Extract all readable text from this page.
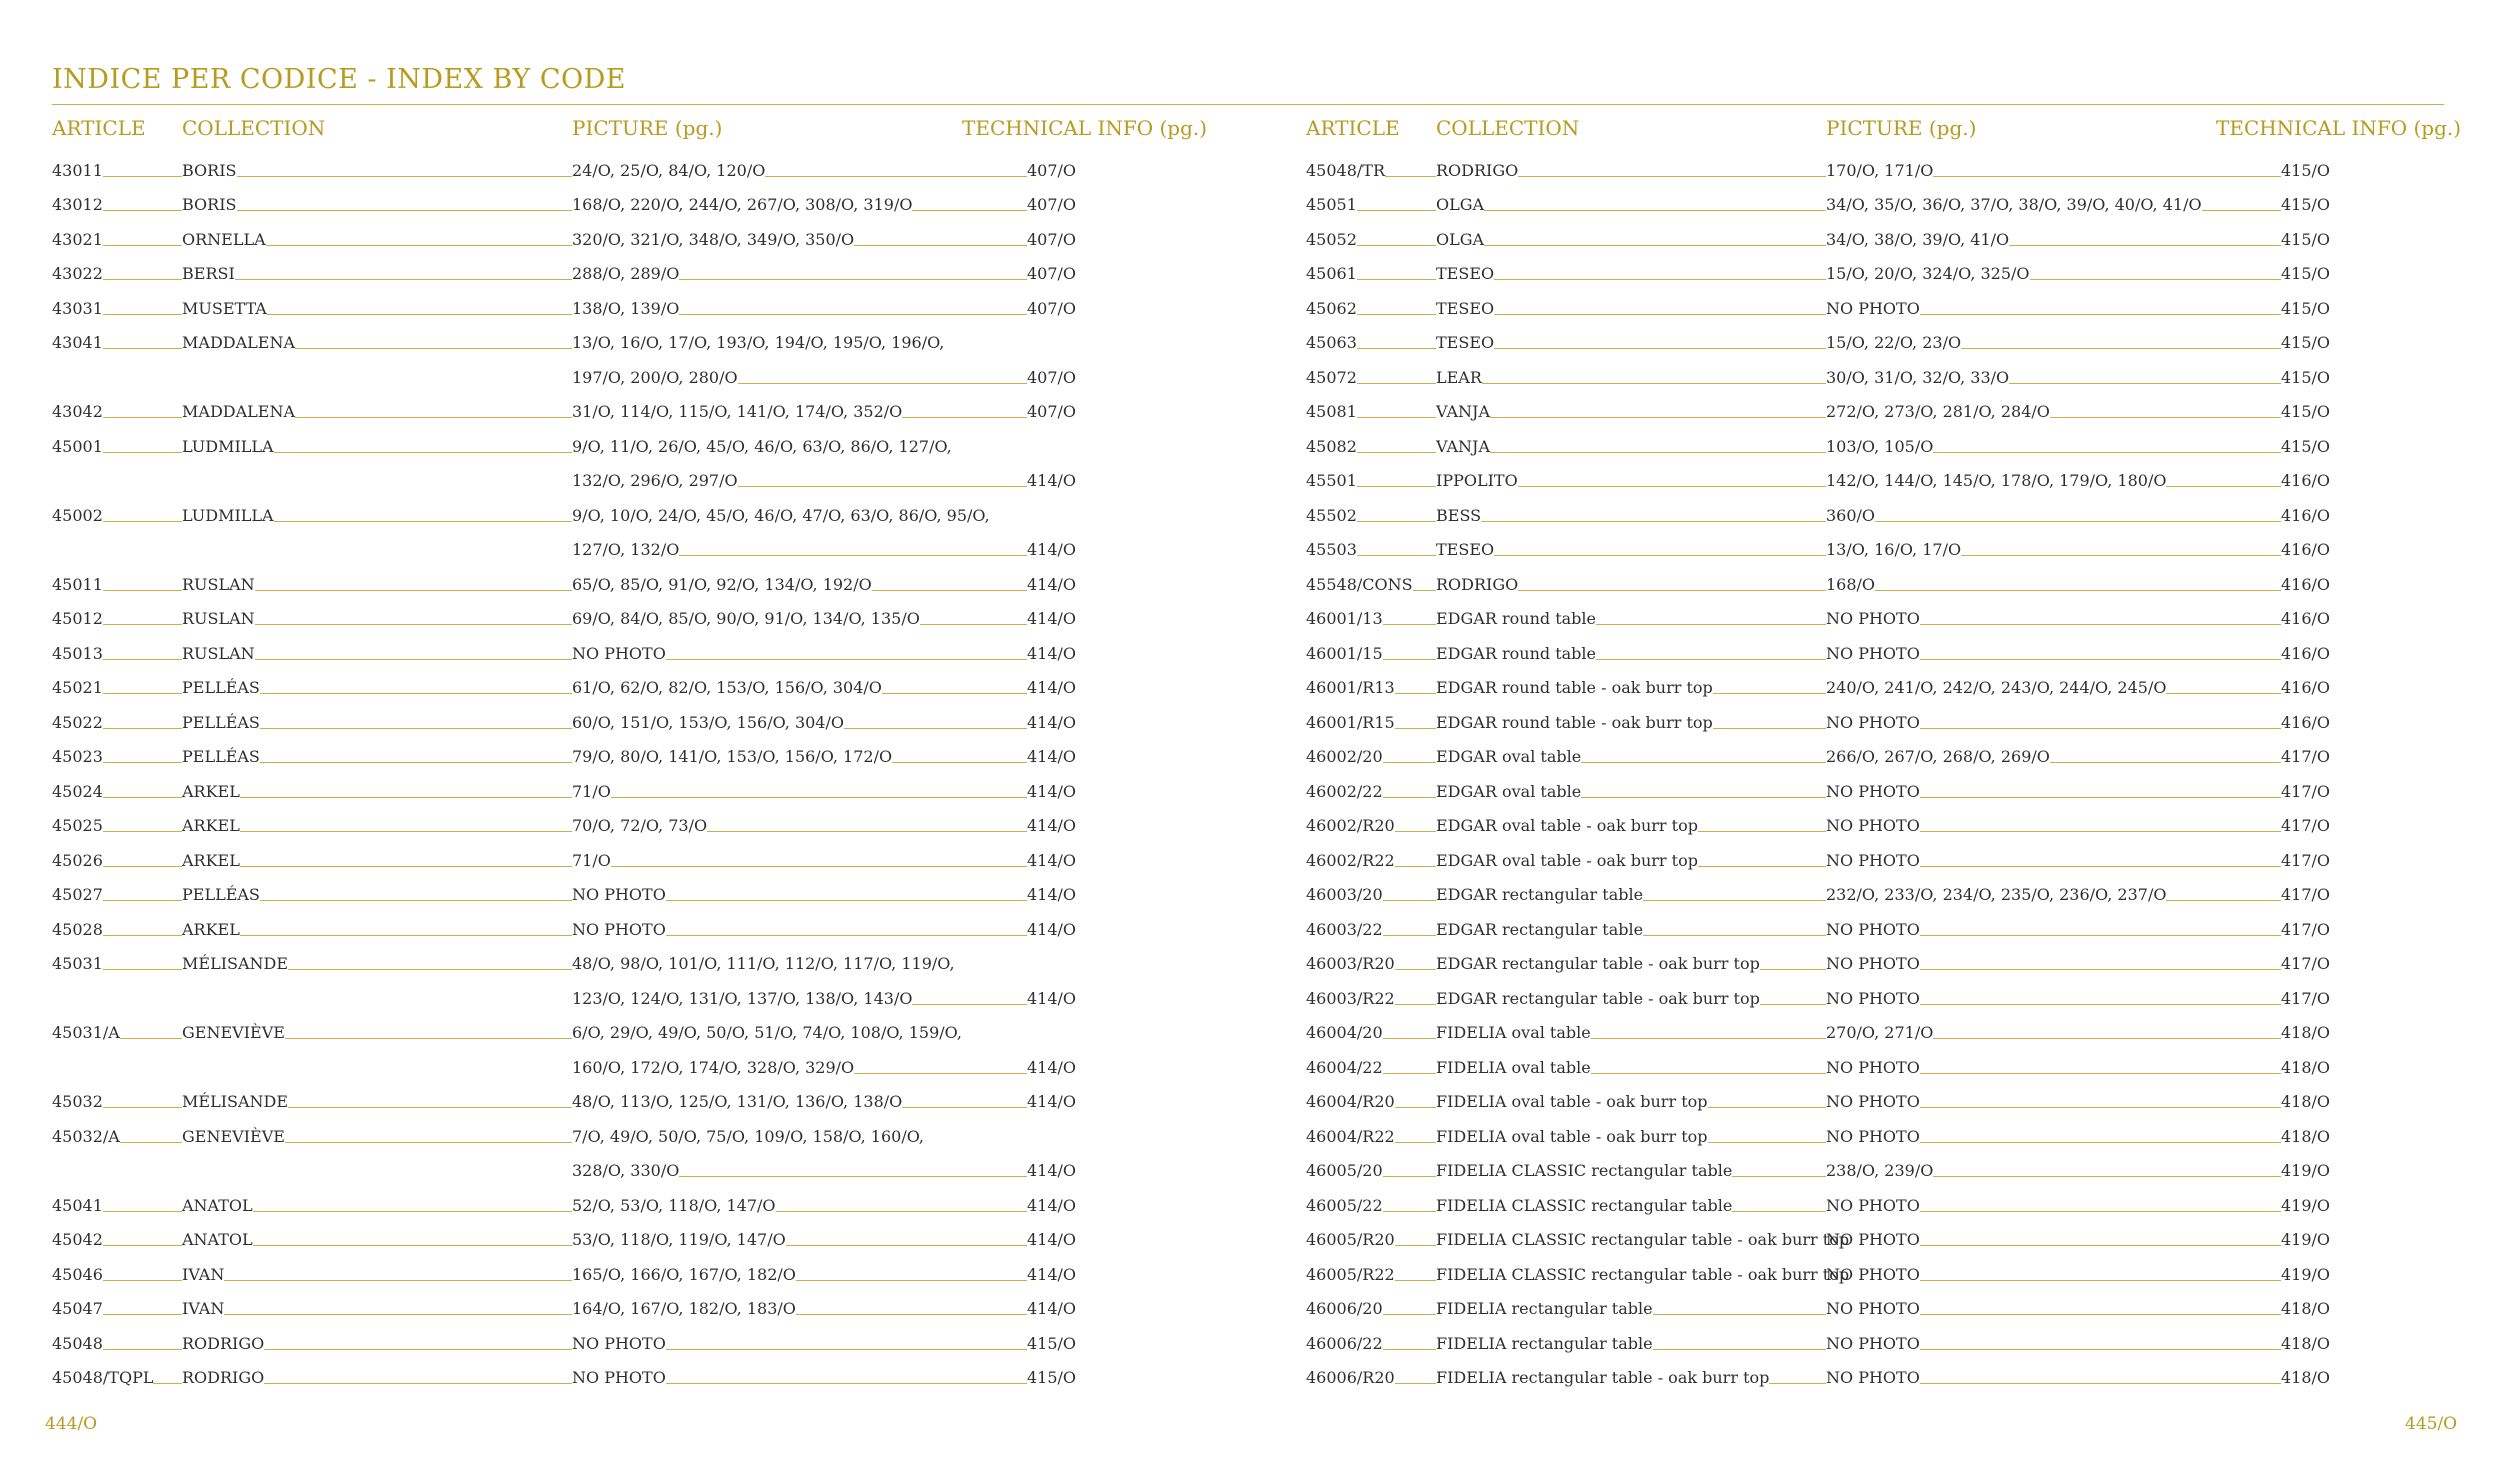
INDICE PER CODICE - INDEX BY CODE
ARTICLE COLLECTION	PICTURE (pg.)	TECHNICAL INFO (pg.)
43011	BORIS	24/O, 25/O, 84/O, 120/O	407/O
43012	BORIS	168/O, 220/O, 244/O, 267/O, 308/O, 319/O	407/O
43021	ORNELLA	320/O, 321/O, 348/O, 349/O, 350/O	407/O
43022	BERSI	288/O, 289/O	407/O
43031	MUSETTA	138/O, 139/O	407/O
43041	MADDALENA	13/O, 16/O, 17/O, 193/O, 194/O, 195/O, 196/O,
197/O, 200/O, 280/O	407/O
43042	MADDALENA	31/O, 114/O, 115/O, 141/O, 174/O, 352/O	407/O
45001	LUDMILLA	9/O, 11/O, 26/O, 45/O, 46/O, 63/O, 86/O, 127/O,
132/O, 296/O, 297/O	414/O
45002	LUDMILLA	9/O, 10/O, 24/O, 45/O, 46/O, 47/O, 63/O, 86/O, 95/O,
127/O, 132/O	414/O
45011	RUSLAN	65/O, 85/O, 91/O, 92/O, 134/O, 192/O	414/O
45012	RUSLAN	69/O, 84/O, 85/O, 90/O, 91/O, 134/O, 135/O	414/O
45013	RUSLAN	NO PHOTO	414/O
45021	PELLÉAS	61/O, 62/O, 82/O, 153/O, 156/O, 304/O	414/O
45022	PELLÉAS	60/O, 151/O, 153/O, 156/O, 304/O	414/O
45023	PELLÉAS	79/O, 80/O, 141/O, 153/O, 156/O, 172/O	414/O
45024	ARKEL	71/O	414/O
45025	ARKEL	70/O, 72/O, 73/O	414/O
45026	ARKEL	71/O	414/O
45027	PELLÉAS	NO PHOTO	414/O
45028	ARKEL	NO PHOTO	414/O
45031	MÉLISANDE	48/O, 98/O, 101/O, 111/O, 112/O, 117/O, 119/O,
123/O, 124/O, 131/O, 137/O, 138/O, 143/O	414/O
45031/A	GENEVIÈVE	6/O, 29/O, 49/O, 50/O, 51/O, 74/O, 108/O, 159/O,
160/O, 172/O, 174/O, 328/O, 329/O	414/O
45032	MÉLISANDE	48/O, 113/O, 125/O, 131/O, 136/O, 138/O	414/O
45032/A	GENEVIÈVE	7/O, 49/O, 50/O, 75/O, 109/O, 158/O, 160/O,
328/O, 330/O	414/O
45041	ANATOL	52/O, 53/O, 118/O, 147/O	414/O
45042	ANATOL	53/O, 118/O, 119/O, 147/O	414/O
45046	IVAN	165/O, 166/O, 167/O, 182/O	414/O
45047	IVAN	164/O, 167/O, 182/O, 183/O	414/O
45048	RODRIGO	NO PHOTO	415/O
45048/TQPL RODRIGO	NO PHOTO	415/O
ARTICLE COLLECTION	PICTURE (pg.)	TECHNICAL INFO (pg.)
45048/TR	RODRIGO	170/O, 171/O	415/O
45051	OLGA	34/O, 35/O, 36/O, 37/O, 38/O, 39/O, 40/O, 41/O	415/O
45052	OLGA	34/O, 38/O, 39/O, 41/O	415/O
45061	TESEO	15/O, 20/O, 324/O, 325/O	415/O
45062	TESEO	NO PHOTO	415/O
45063	TESEO	15/O, 22/O, 23/O	415/O
45072	LEAR	30/O, 31/O, 32/O, 33/O	415/O
45081	VANJA	272/O, 273/O, 281/O, 284/O	415/O
45082	VANJA	103/O, 105/O	415/O
45501	IPPOLITO	142/O, 144/O, 145/O, 178/O, 179/O, 180/O	416/O
45502	BESS	360/O	416/O
45503	TESEO	13/O, 16/O, 17/O	416/O
45548/CONS RODRIGO	168/O	416/O
46001/13	EDGAR round table	NO PHOTO	416/O
46001/15	EDGAR round table	NO PHOTO	416/O
46001/R13	EDGAR round table - oak burr top	240/O, 241/O, 242/O, 243/O, 244/O, 245/O	416/O
46001/R15	EDGAR round table - oak burr top	NO PHOTO	416/O
46002/20	EDGAR oval table	266/O, 267/O, 268/O, 269/O	417/O
46002/22	EDGAR oval table	NO PHOTO	417/O
46002/R20	EDGAR oval table - oak burr top	NO PHOTO	417/O
46002/R22	EDGAR oval table - oak burr top	NO PHOTO	417/O
46003/20	EDGAR rectangular table	232/O, 233/O, 234/O, 235/O, 236/O, 237/O	417/O
46003/22	EDGAR rectangular table	NO PHOTO	417/O
46003/R20	EDGAR rectangular table - oak burr top	NO PHOTO	417/O
46003/R22	EDGAR rectangular table - oak burr top	NO PHOTO	417/O
46004/20	FIDELIA oval table	270/O, 271/O	418/O
46004/22	FIDELIA oval table	NO PHOTO	418/O
46004/R20	FIDELIA oval table - oak burr top	NO PHOTO	418/O
46004/R22	FIDELIA oval table - oak burr top	NO PHOTO	418/O
46005/20	FIDELIA CLASSIC rectangular table	238/O, 239/O	419/O
46005/22	FIDELIA CLASSIC rectangular table	NO PHOTO	419/O
46005/R20	FIDELIA CLASSIC rectangular table - oak burr top
NO PHOTO	419/O
46005/R22	FIDELIA CLASSIC rectangular table - oak burr top
NO PHOTO	419/O
46006/20	FIDELIA rectangular table	NO PHOTO	418/O
46006/22	FIDELIA rectangular table	NO PHOTO	418/O
46006/R20	FIDELIA rectangular table - oak burr top	NO PHOTO	418/O
444/O	445/O
